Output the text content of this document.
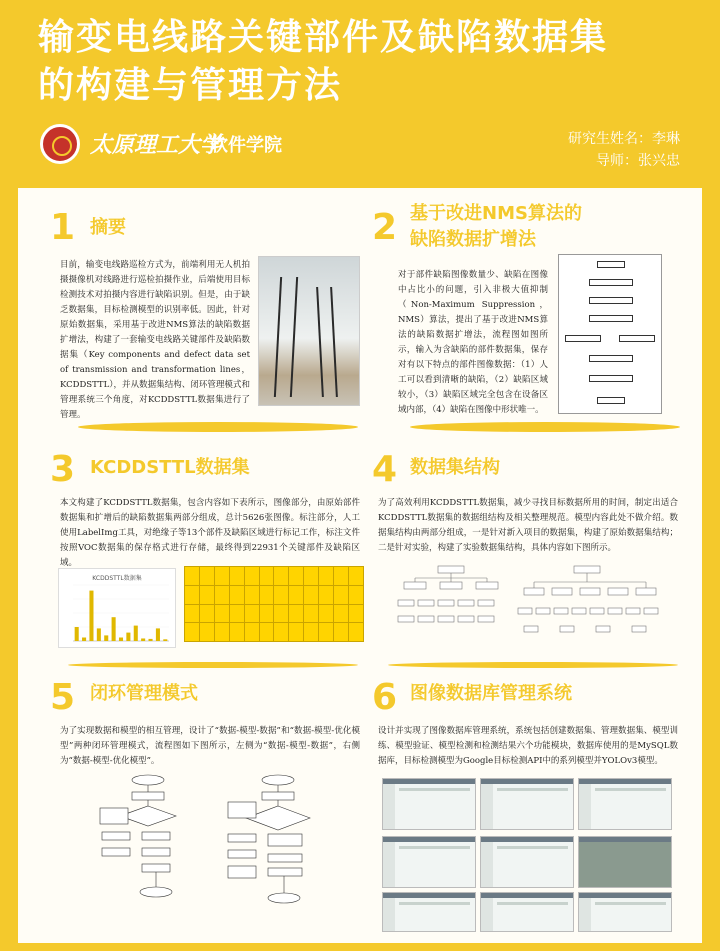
输变电线路关键部件及缺陷数据集
的构建与管理方法
太原理工大学
软件学院	研究生姓名：李琳
导师：张兴忠
1 摘要
目前，输变电线路巡检方式为，前端利用无人机拍摄摄像机对线路进行巡检拍摄作业，后端使用目标检测技术对拍摄内容进行缺陷识别。但是，由于缺乏数据集，目标检测模型的识别率低。因此，针对原始数据集，采用基于改进NMS算法的缺陷数据扩增法，构建了一套输变电线路关键部件及缺陷数据集（Key components and defect data set of transmission and transformation lines，KCDDSTTL），并从数据集结构、闭环管理模式和管理系统三个角度，对KCDDSTTL数据集进行了管理。
2 基于改进NMS算法的
缺陷数据扩增法
对于部件缺陷图像数量少、缺陷在图像中占比小的问题，引入非极大值抑制（Non-Maximum Suppression，NMS）算法，提出了基于改进NMS算法的缺陷数据扩增法，流程图如图所示，输入为含缺陷的部件数据集，保存对有以下特点的部件图像数据：（1）人工可以看到清晰的缺陷，（2）缺陷区域较小，（3）缺陷区域完全包含在设备区域内部，（4）缺陷在图像中形状唯一。
3 KCDDSTTL数据集
本文构建了KCDDSTTL数据集，包含内容如下表所示，图像部分，由原始部件数据集和扩增后的缺陷数据集两部分组成，总计5626张图像。标注部分，人工使用LabelImg工具，对绝缘子等13个部件及缺陷区域进行标记工作，标注文件按照VOC数据集的保存格式进行存储，最终得到22931个关键部件及缺陷区域。
KCDDSTTL数据集

4 数据集结构
为了高效利用KCDDSTTL数据集，减少寻找目标数据所用的时间，制定出适合KCDDSTTL数据集的数据组结构及相关整理规范。模型内容此处不做介绍。数据集结构由两部分组成，一是针对新入项目的数据集，构建了原始数据集结构；二是针对实验，构建了实验数据集结构，具体内容如下图所示。
5 闭环管理模式
为了实现数据和模型的相互管理，设计了“数据-模型-数据”和“数据-模型-优化模型”两种闭环管理模式，流程图如下图所示，左侧为“数据-模型-数据”，右侧为“数据-模型-优化模型”。
6 图像数据库管理系统
设计并实现了图像数据库管理系统，系统包括创建数据集、管理数据集、模型训练、模型验证、模型检测和检测结果六个功能模块，数据库使用的是MySQL数据库，目标检测模型为Google目标检测API中的系列模型并YOLOv3模型。
